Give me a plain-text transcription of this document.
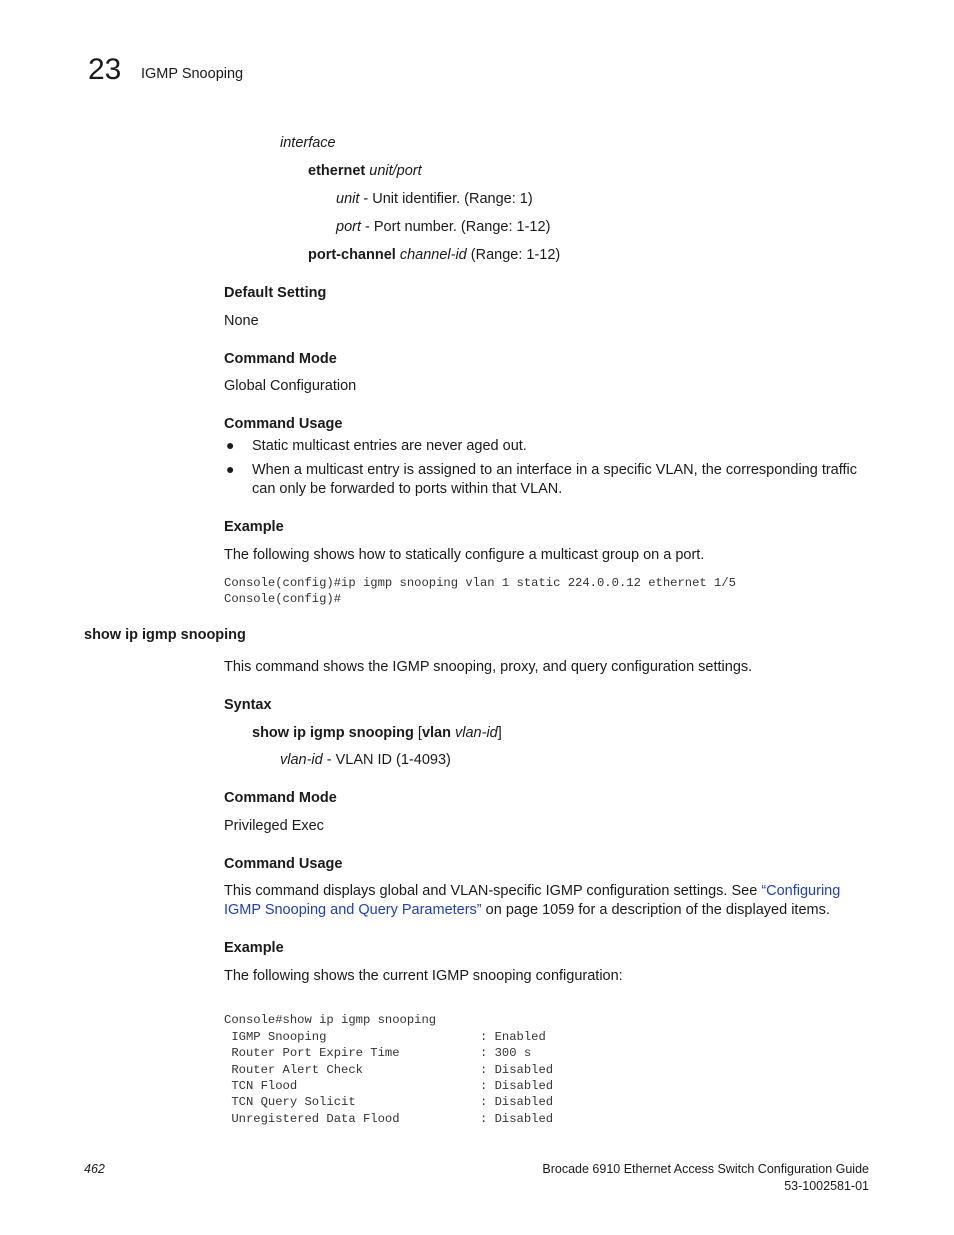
23 IGMP Snooping
interface
ethernet unit/port
unit - Unit identifier. (Range: 1)
port - Port number. (Range: 1-12)
port-channel channel-id (Range: 1-12)
Default Setting
None
Command Mode
Global Configuration
Command Usage
● Static multicast entries are never aged out.
● When a multicast entry is assigned to an interface in a specific VLAN, the corresponding traffic
can only be forwarded to ports within that VLAN.
Example
The following shows how to statically configure a multicast group on a port.
Console(config)#ip igmp snooping vlan 1 static 224.0.0.12 ethernet 1/5
Console(config)#
show ip igmp snooping
This command shows the IGMP snooping, proxy, and query configuration settings.
Syntax
show ip igmp snooping [vlan vlan-id]
vlan-id - VLAN ID (1-4093)
Command Mode
Privileged Exec
Command Usage
This command displays global and VLAN-specific IGMP configuration settings. See “Configuring
IGMP Snooping and Query Parameters” on page 1059 for a description of the displayed items.
Example
The following shows the current IGMP snooping configuration:

Console#show ip igmp snooping
IGMP Snooping                     : Enabled
Router Port Expire Time           : 300 s
Router Alert Check                : Disabled
TCN Flood                         : Disabled
TCN Query Solicit                 : Disabled
Unregistered Data Flood           : Disabled
462	Brocade 6910 Ethernet Access Switch Configuration Guide
53-1002581-01
